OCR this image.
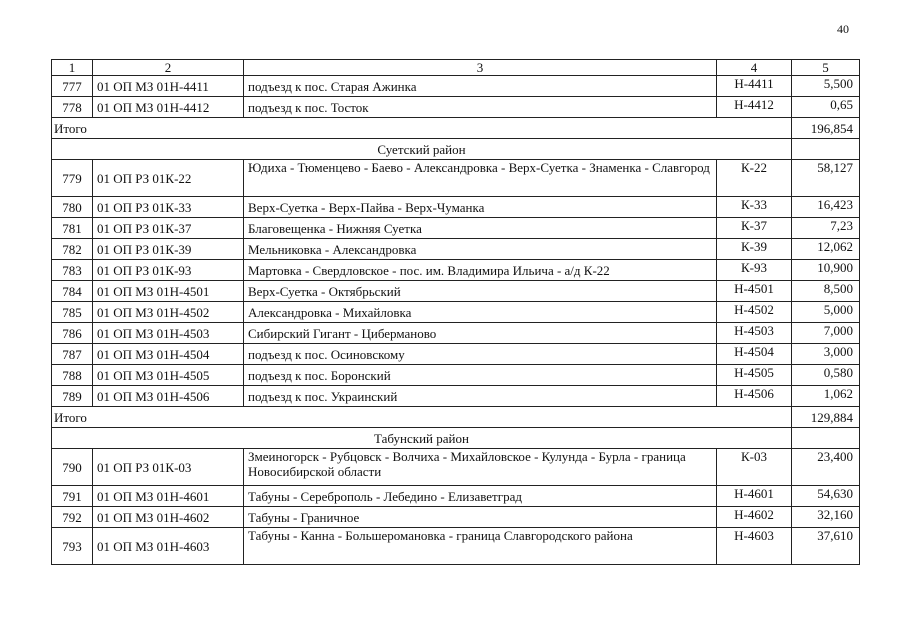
40
1	2	3	4	5
777	01 ОП МЗ 01Н-4411	подъезд к пос. Старая Ажинка	Н-4411	5,500
778	01 ОП МЗ 01Н-4412	подъезд к пос. Тосток	Н-4412	0,65
Итого				196,854
Суетский район				
779	01 ОП РЗ 01К-22	Юдиха - Тюменцево - Баево - Александровка - Верх-Суетка - Знаменка - Славгород	К-22	58,127
780	01 ОП РЗ 01К-33	Верх-Суетка - Верх-Пайва - Верх-Чуманка	К-33	16,423
781	01 ОП РЗ 01К-37	Благовещенка - Нижняя Суетка	К-37	7,23
782	01 ОП РЗ 01К-39	Мельниковка - Александровка	К-39	12,062
783	01 ОП РЗ 01К-93	Мартовка - Свердловское - пос. им. Владимира Ильича - а/д К-22	К-93	10,900
784	01 ОП МЗ 01Н-4501	Верх-Суетка - Октябрьский	Н-4501	8,500
785	01 ОП МЗ 01Н-4502	Александровка - Михайловка	Н-4502	5,000
786	01 ОП МЗ 01Н-4503	Сибирский Гигант - Циберманово	Н-4503	7,000
787	01 ОП МЗ 01Н-4504	подъезд к пос. Осиновскому	Н-4504	3,000
788	01 ОП МЗ 01Н-4505	подъезд к пос. Боронский	Н-4505	0,580
789	01 ОП МЗ 01Н-4506	подъезд к пос. Украинский	Н-4506	1,062
Итого				129,884
Табунский район				
790	01 ОП РЗ 01К-03	Змеиногорск - Рубцовск - Волчиха - Михайловское - Кулунда - Бурла - граница Новосибирской области	К-03	23,400
791	01 ОП МЗ 01Н-4601	Табуны - Сереброполь - Лебедино - Елизаветград	Н-4601	54,630
792	01 ОП МЗ 01Н-4602	Табуны - Граничное	Н-4602	32,160
793	01 ОП МЗ 01Н-4603	Табуны - Канна - Большеромановка - граница Славгородского района	Н-4603	37,610
